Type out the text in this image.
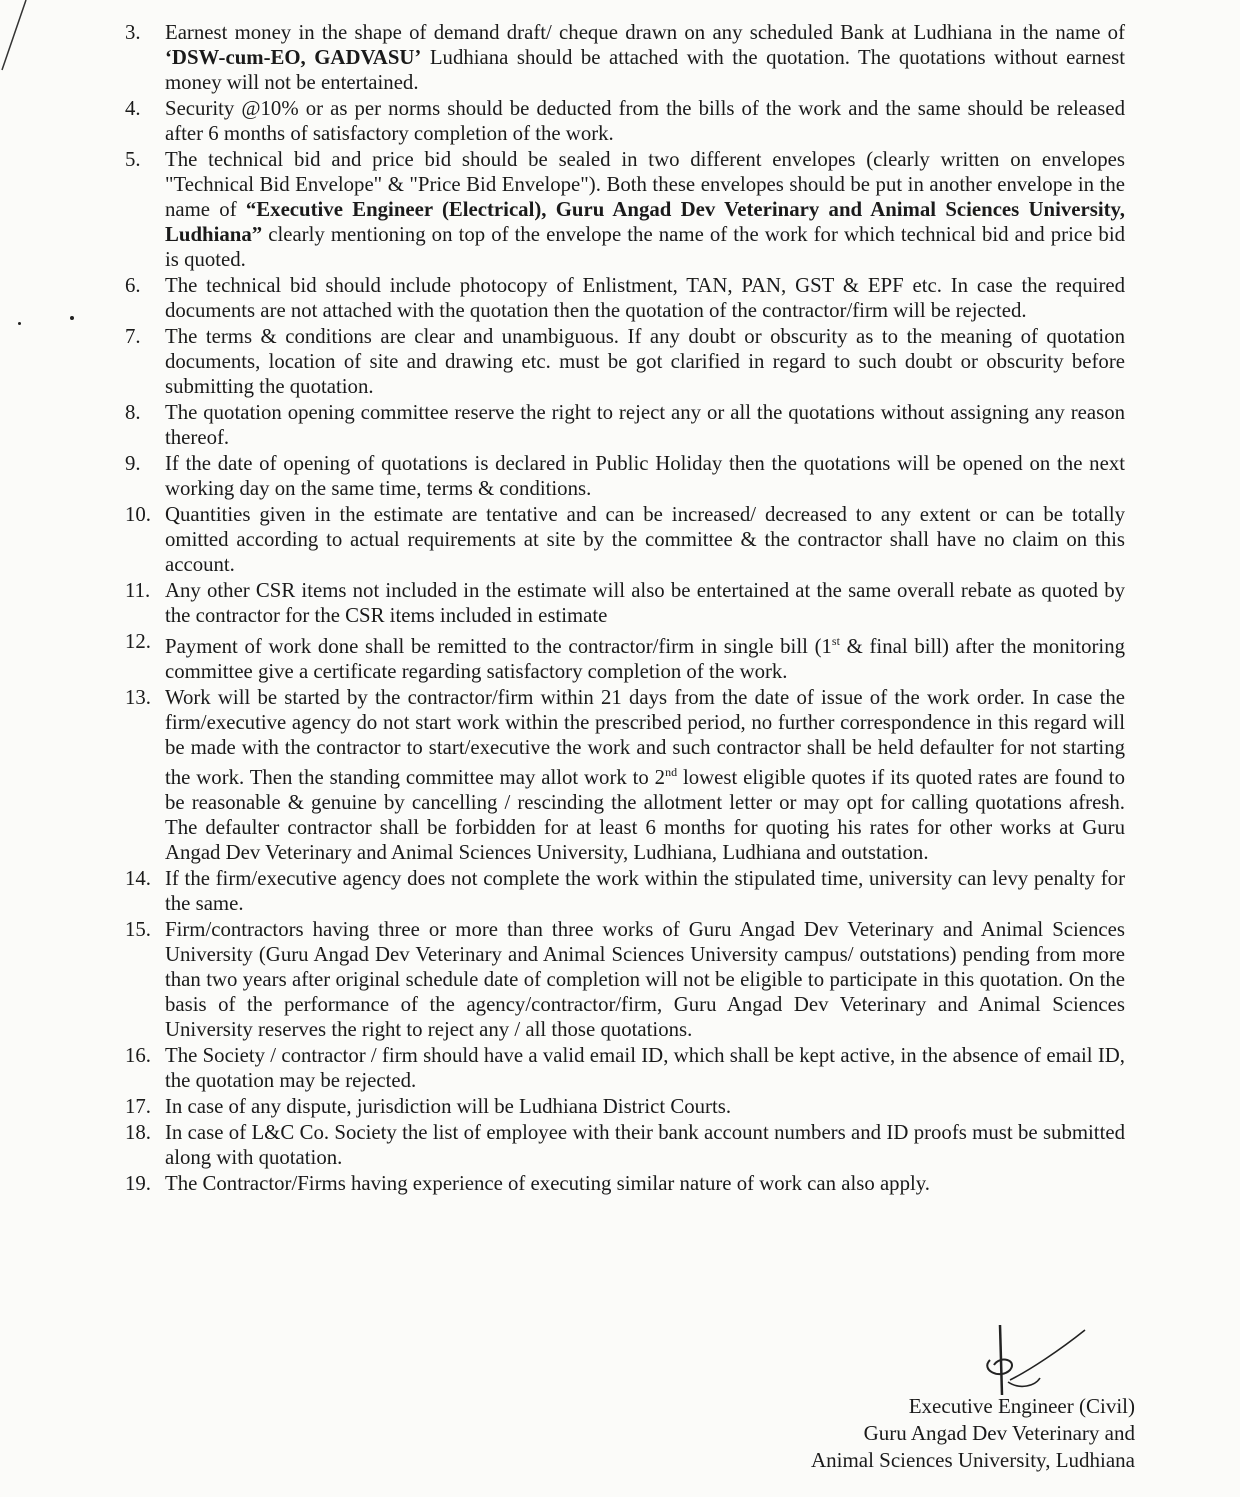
3.	Earnest money in the shape of demand draft/ cheque drawn on any scheduled Bank at Ludhiana in the name of ‘DSW-cum-EO, GADVASU’ Ludhiana should be attached with the quotation. The quotations without earnest money will not be entertained.
4.	Security @10% or as per norms should be deducted from the bills of the work and the same should be released after 6 months of satisfactory completion of the work.
5.	The technical bid and price bid should be sealed in two different envelopes (clearly written on envelopes "Technical Bid Envelope" & "Price Bid Envelope"). Both these envelopes should be put in another envelope in the name of “Executive Engineer (Electrical), Guru Angad Dev Veterinary and Animal Sciences University, Ludhiana” clearly mentioning on top of the envelope the name of the work for which technical bid and price bid is quoted.
6.	The technical bid should include photocopy of Enlistment, TAN, PAN, GST & EPF etc. In case the required documents are not attached with the quotation then the quotation of the contractor/firm will be rejected.
7.	The terms & conditions are clear and unambiguous. If any doubt or obscurity as to the meaning of quotation documents, location of site and drawing etc. must be got clarified in regard to such doubt or obscurity before submitting the quotation.
8.	The quotation opening committee reserve the right to reject any or all the quotations without assigning any reason thereof.
9.	If the date of opening of quotations is declared in Public Holiday then the quotations will be opened on the next working day on the same time, terms & conditions.
10. Quantities given in the estimate are tentative and can be increased/ decreased to any extent or can be totally omitted according to actual requirements at site by the committee & the contractor shall have no claim on this account.
11. Any other CSR items not included in the estimate will also be entertained at the same overall rebate as quoted by the contractor for the CSR items included in estimate
12. Payment of work done shall be remitted to the contractor/firm in single bill (1st & final bill) after the monitoring committee give a certificate regarding satisfactory completion of the work.
13. Work will be started by the contractor/firm within 21 days from the date of issue of the work order. In case the firm/executive agency do not start work within the prescribed period, no further correspondence in this regard will be made with the contractor to start/executive the work and such contractor shall be held defaulter for not starting the work. Then the standing committee may allot work to 2nd lowest eligible quotes if its quoted rates are found to be reasonable & genuine by cancelling / rescinding the allotment letter or may opt for calling quotations afresh. The defaulter contractor shall be forbidden for at least 6 months for quoting his rates for other works at Guru Angad Dev Veterinary and Animal Sciences University, Ludhiana, Ludhiana and outstation.
14. If the firm/executive agency does not complete the work within the stipulated time, university can levy penalty for the same.
15. Firm/contractors having three or more than three works of Guru Angad Dev Veterinary and Animal Sciences University (Guru Angad Dev Veterinary and Animal Sciences University campus/ outstations) pending from more than two years after original schedule date of completion will not be eligible to participate in this quotation. On the basis of the performance of the agency/contractor/firm, Guru Angad Dev Veterinary and Animal Sciences University reserves the right to reject any / all those quotations.
16. The Society / contractor / firm should have a valid email ID, which shall be kept active, in the absence of email ID, the quotation may be rejected.
17. In case of any dispute, jurisdiction will be Ludhiana District Courts.
18. In case of L&C Co. Society the list of employee with their bank account numbers and ID proofs must be submitted along with quotation.
19. The Contractor/Firms having experience of executing similar nature of work can also apply.
Executive Engineer (Civil)
Guru Angad Dev Veterinary and
Animal Sciences University, Ludhiana
